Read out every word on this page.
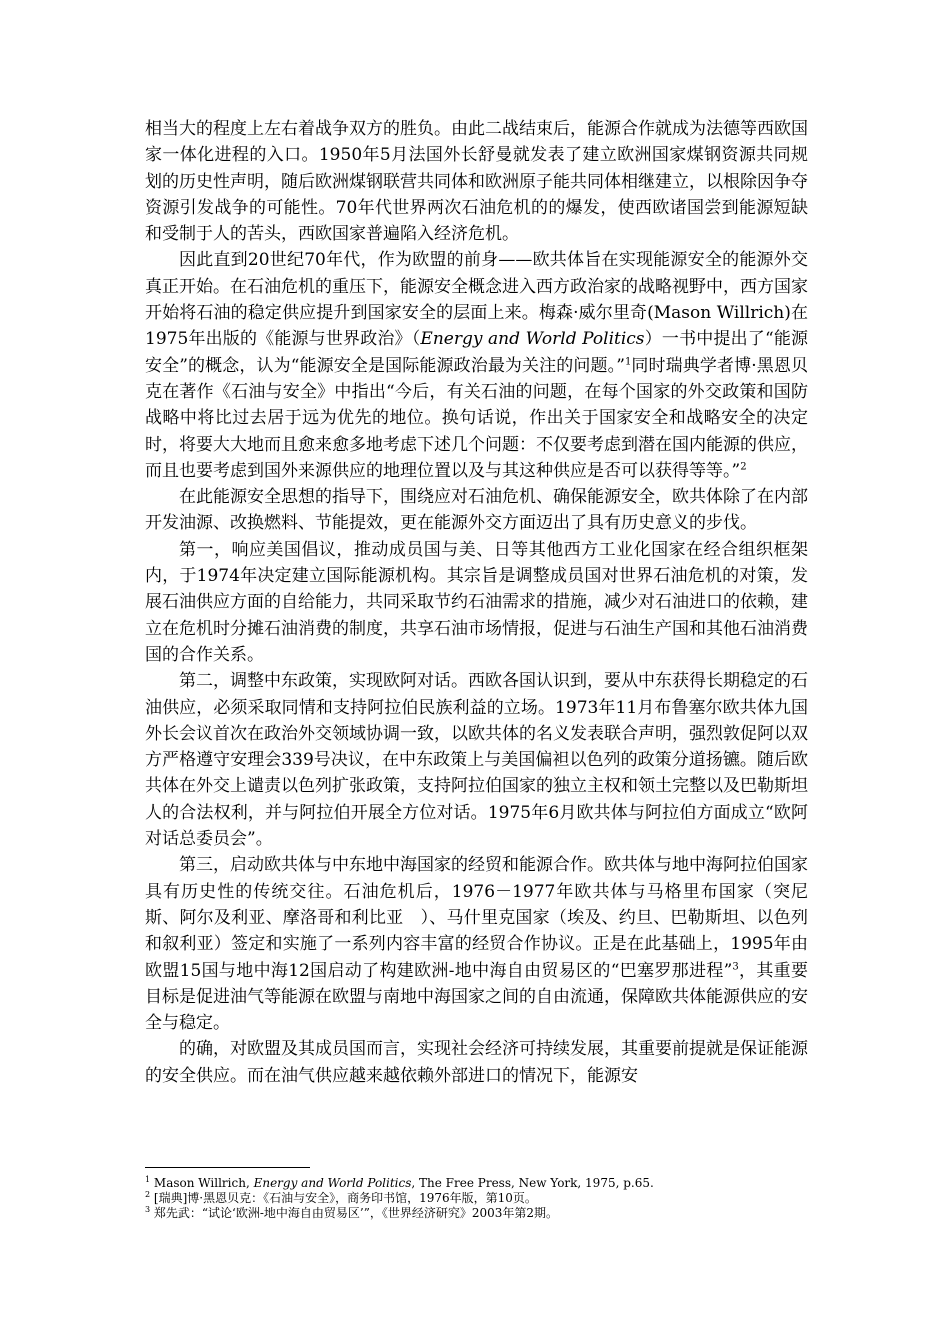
相当大的程度上左右着战争双方的胜负。由此二战结束后，能源合作就成为法德等西欧国家一体化进程的入口。1950年5月法国外长舒曼就发表了建立欧洲国家煤钢资源共同规划的历史性声明，随后欧洲煤钢联营共同体和欧洲原子能共同体相继建立，以根除因争夺资源引发战争的可能性。70年代世界两次石油危机的的爆发，使西欧诸国尝到能源短缺和受制于人的苦头，西欧国家普遍陷入经济危机。

因此直到20世纪70年代，作为欧盟的前身——欧共体旨在实现能源安全的能源外交真正开始。在石油危机的重压下，能源安全概念进入西方政治家的战略视野中，西方国家开始将石油的稳定供应提升到国家安全的层面上来。梅森·威尔里奇(Mason Willrich)在1975年出版的《能源与世界政治》（Energy and World Politics）一书中提出了“能源安全”的概念，认为“能源安全是国际能源政治最为关注的问题。”$^1$同时瑞典学者博·黑恩贝克在著作《石油与安全》中指出“今后，有关石油的问题，在每个国家的外交政策和国防战略中将比过去居于远为优先的地位。换句话说，作出关于国家安全和战略安全的决定时，将要大大地而且愈来愈多地考虑下述几个问题：不仅要考虑到潜在国内能源的供应，而且也要考虑到国外来源供应的地理位置以及与其这种供应是否可以获得等等。”$^2$

在此能源安全思想的指导下，围绕应对石油危机、确保能源安全，欧共体除了在内部开发油源、改换燃料、节能提效，更在能源外交方面迈出了具有历史意义的步伐。

第一，响应美国倡议，推动成员国与美、日等其他西方工业化国家在经合组织框架内，于1974年决定建立国际能源机构。其宗旨是调整成员国对世界石油危机的对策，发展石油供应方面的自给能力，共同采取节约石油需求的措施，减少对石油进口的依赖，建立在危机时分摊石油消费的制度，共享石油市场情报，促进与石油生产国和其他石油消费国的合作关系。

第二，调整中东政策，实现欧阿对话。西欧各国认识到，要从中东获得长期稳定的石油供应，必须采取同情和支持阿拉伯民族利益的立场。1973年11月布鲁塞尔欧共体九国外长会议首次在政治外交领域协调一致，以欧共体的名义发表联合声明，强烈敦促阿以双方严格遵守安理会339号决议，在中东政策上与美国偏袒以色列的政策分道扬镳。随后欧共体在外交上谴责以色列扩张政策，支持阿拉伯国家的独立主权和领土完整以及巴勒斯坦人的合法权利，并与阿拉伯开展全方位对话。1975年6月欧共体与阿拉伯方面成立“欧阿对话总委员会”。

第三，启动欧共体与中东地中海国家的经贸和能源合作。欧共体与地中海阿拉伯国家具有历史性的传统交往。石油危机后，1976－1977年欧共体与马格里布国家（突尼斯、阿尔及利亚、摩洛哥和利比亚　）、马什里克国家（埃及、约旦、巴勒斯坦、以色列和叙利亚）签定和实施了一系列内容丰富的经贸合作协议。正是在此基础上，1995年由欧盟15国与地中海12国启动了构建欧洲-地中海自由贸易区的“巴塞罗那进程”$^3$，其重要目标是促进油气等能源在欧盟与南地中海国家之间的自由流通，保障欧共体能源供应的安全与稳定。

的确，对欧盟及其成员国而言，实现社会经济可持续发展，其重要前提就是保证能源的安全供应。而在油气供应越来越依赖外部进口的情况下，能源安

$^1$ Mason Willrich, Energy and World Politics, The Free Press, New York, 1975, p.65.

$^2$ [瑞典]博·黑恩贝克：《石油与安全》，商务印书馆，1976年版，第10页。

$^3$ 郑先武：“试论‘欧洲-地中海自由贸易区’”，《世界经济研究》2003年第2期。
